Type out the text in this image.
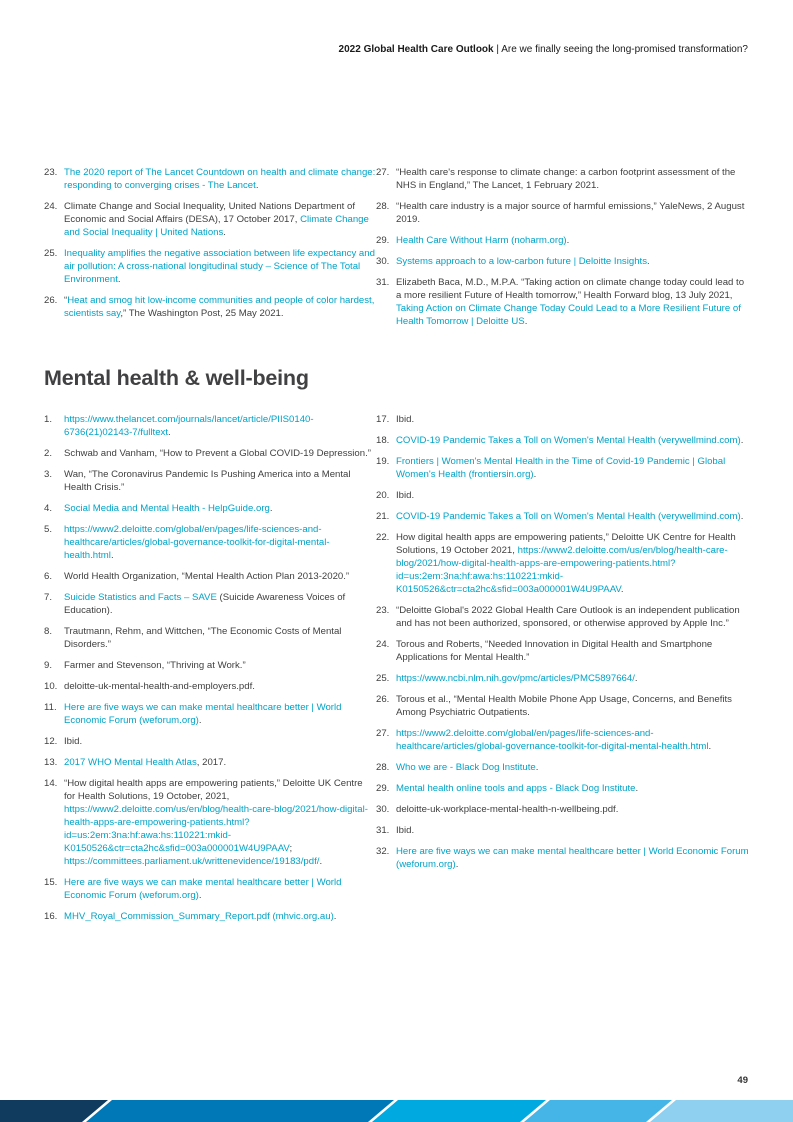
2022 Global Health Care Outlook | Are we finally seeing the long-promised transformation?
23. The 2020 report of The Lancet Countdown on health and climate change: responding to converging crises - The Lancet.
24. Climate Change and Social Inequality, United Nations Department of Economic and Social Affairs (DESA), 17 October 2017, Climate Change and Social Inequality | United Nations.
25. Inequality amplifies the negative association between life expectancy and air pollution: A cross-national longitudinal study – Science of The Total Environment.
26. “Heat and smog hit low-income communities and people of color hardest, scientists say,” The Washington Post, 25 May 2021.
27. “Health care's response to climate change: a carbon footprint assessment of the NHS in England,” The Lancet, 1 February 2021.
28. “Health care industry is a major source of harmful emissions,” YaleNews, 2 August 2019.
29. Health Care Without Harm (noharm.org).
30. Systems approach to a low-carbon future | Deloitte Insights.
31. Elizabeth Baca, M.D., M.P.A. “Taking action on climate change today could lead to a more resilient Future of Health tomorrow,” Health Forward blog, 13 July 2021, Taking Action on Climate Change Today Could Lead to a More Resilient Future of Health Tomorrow | Deloitte US.
Mental health & well-being
1.	https://www.thelancet.com/journals/lancet/article/PIIS0140-6736(21)02143-7/fulltext.
2.	Schwab and Vanham, “How to Prevent a Global COVID-19 Depression.”
3.	Wan, “The Coronavirus Pandemic Is Pushing America into a Mental Health Crisis.”
4.	Social Media and Mental Health - HelpGuide.org.
5.	https://www2.deloitte.com/global/en/pages/life-sciences-and-healthcare/articles/global-governance-toolkit-for-digital-mental-health.html.
6.	World Health Organization, “Mental Health Action Plan 2013-2020.”
7.	Suicide Statistics and Facts – SAVE (Suicide Awareness Voices of Education).
8.	Trautmann, Rehm, and Wittchen, “The Economic Costs of Mental Disorders.”
9.	Farmer and Stevenson, “Thriving at Work.”
10. deloitte-uk-mental-health-and-employers.pdf.
11. Here are five ways we can make mental healthcare better | World Economic Forum (weforum.org).
12. Ibid.
13. 2017 WHO Mental Health Atlas, 2017.
14. “How digital health apps are empowering patients,” Deloitte UK Centre for Health Solutions, 19 October, 2021, https://www2.deloitte.com/us/en/blog/health-care-blog/2021/how-digital-health-apps-are-empowering-patients.html?id=us:2em:3na:hf:awa:hs:110221:mkid-K0150526&ctr=cta2hc&sfid=003a000001W4U9PAAV; https://committees.parliament.uk/writtenevidence/19183/pdf/.
15. Here are five ways we can make mental healthcare better | World Economic Forum (weforum.org).
16. MHV_Royal_Commission_Summary_Report.pdf (mhvic.org.au).
17. Ibid.
18. COVID-19 Pandemic Takes a Toll on Women's Mental Health (verywellmind.com).
19. Frontiers | Women's Mental Health in the Time of Covid-19 Pandemic | Global Women's Health (frontiersin.org).
20. Ibid.
21. COVID-19 Pandemic Takes a Toll on Women's Mental Health (verywellmind.com).
22. How digital health apps are empowering patients,” Deloitte UK Centre for Health Solutions, 19 October 2021, https://www2.deloitte.com/us/en/blog/health-care-blog/2021/how-digital-health-apps-are-empowering-patients.html?id=us:2em:3na:hf:awa:hs:110221:mkid-K0150526&ctr=cta2hc&sfid=003a000001W4U9PAAV.
23. “Deloitte Global's 2022 Global Health Care Outlook is an independent publication and has not been authorized, sponsored, or otherwise approved by Apple Inc.”
24. Torous and Roberts, “Needed Innovation in Digital Health and Smartphone Applications for Mental Health.”
25. https://www.ncbi.nlm.nih.gov/pmc/articles/PMC5897664/.
26. Torous et al., “Mental Health Mobile Phone App Usage, Concerns, and Benefits Among Psychiatric Outpatients.
27. https://www2.deloitte.com/global/en/pages/life-sciences-and-healthcare/articles/global-governance-toolkit-for-digital-mental-health.html.
28. Who we are - Black Dog Institute.
29. Mental health online tools and apps - Black Dog Institute.
30. deloitte-uk-workplace-mental-health-n-wellbeing.pdf.
31. Ibid.
32. Here are five ways we can make mental healthcare better | World Economic Forum (weforum.org).
49
